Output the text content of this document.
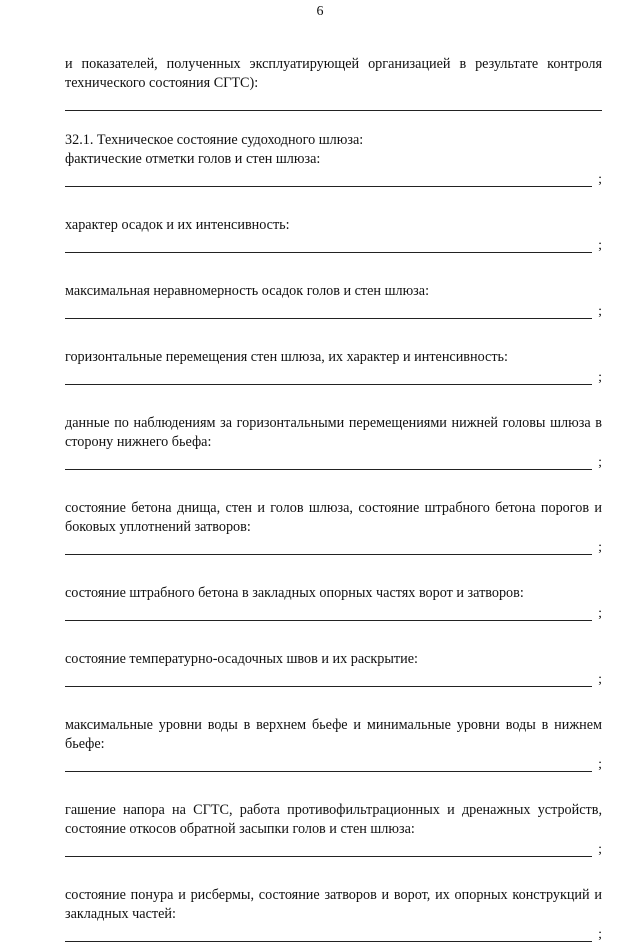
6

и показателей, полученных эксплуатирующей организацией в результате контроля технического состояния СГТС):

32.1. Техническое состояние судоходного шлюза:

фактические отметки голов и стен шлюза:

;

характер осадок и их интенсивность:

;

максимальная неравномерность осадок голов и стен шлюза:

;

горизонтальные перемещения стен шлюза, их характер и интенсивность:

;

данные по наблюдениям за горизонтальными перемещениями нижней головы шлюза в сторону нижнего бьефа:

;

состояние бетона днища, стен и голов шлюза, состояние штрабного бетона порогов и боковых уплотнений затворов:

;

состояние штрабного бетона в закладных опорных частях ворот и затворов:

;

состояние температурно-осадочных швов и их раскрытие:

;

максимальные уровни воды в верхнем бьефе и минимальные уровни воды в нижнем бьефе:

;

гашение напора на СГТС, работа противофильтрационных и дренажных устройств, состояние откосов обратной засыпки голов и стен шлюза:

;

состояние понура и рисбермы, состояние затворов и ворот, их опорных конструкций и закладных частей:

;
